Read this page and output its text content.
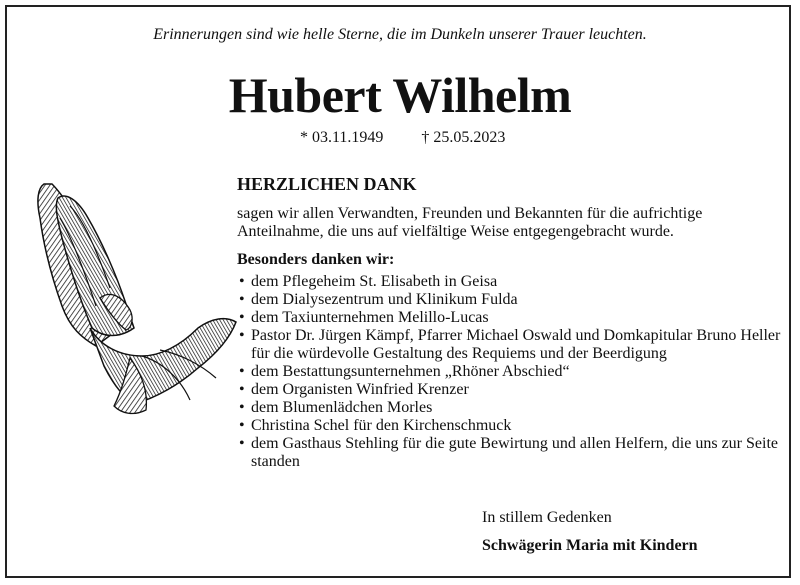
Erinnerungen sind wie helle Sterne, die im Dunkeln unserer Trauer leuchten.
Hubert Wilhelm
* 03.11.1949 † 25.05.2023
HERZLICHEN DANK

sagen wir allen Verwandten, Freunden und Bekannten für die aufrichtige Anteilnahme, die uns auf vielfältige Weise entgegengebracht wurde.

Besonders danken wir:
• dem Pflegeheim St. Elisabeth in Geisa
• dem Dialysezentrum und Klinikum Fulda
• dem Taxiunternehmen Melillo-Lucas
• Pastor Dr. Jürgen Kämpf, Pfarrer Michael Oswald und Domkapitular Bruno Heller für die würdevolle Gestaltung des Requiems und der Beerdigung
• dem Bestattungsunternehmen „Rhöner Abschied“
• dem Organisten Winfried Krenzer
• dem Blumenlädchen Morles
• Christina Schel für den Kirchenschmuck
• dem Gasthaus Stehling für die gute Bewirtung und allen Helfern, die uns zur Seite standen
In stillem Gedenken
Schwägerin Maria mit Kindern
